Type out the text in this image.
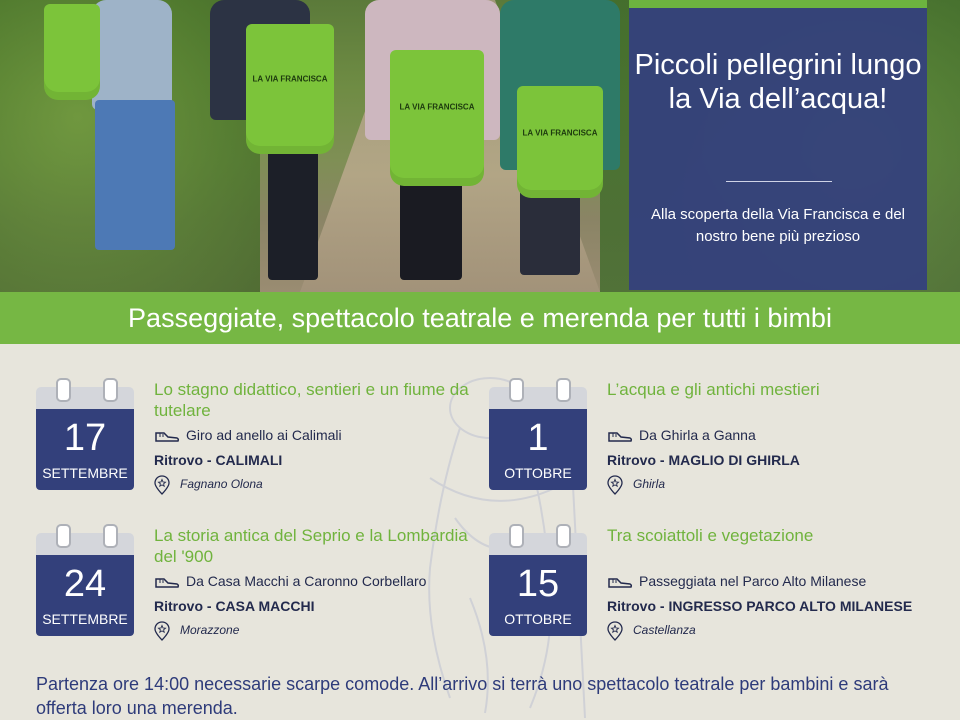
LA VIA FRANCISCA
LA VIA FRANCISCA
LA VIA FRANCISCA
Piccoli pellegrini lungo la Via dell’acqua!

Alla scoperta della Via Francisca e del nostro bene più prezioso

Passeggiate, spettacolo teatrale e merenda per tutti i bimbi
17
SETTEMBRE
Lo stagno didattico, sentieri e un fiume da tutelare
Giro ad anello ai Calimali
Ritrovo - CALIMALI
Fagnano Olona
1
OTTOBRE
L’acqua e gli antichi mestieri
Da Ghirla a Ganna
Ritrovo - MAGLIO DI GHIRLA
Ghirla
24
SETTEMBRE
La storia antica del Seprio e la Lombardia del '900
Da Casa Macchi a Caronno Corbellaro
Ritrovo - CASA MACCHI
Morazzone
15
OTTOBRE
Tra scoiattoli e vegetazione
Passeggiata nel Parco Alto Milanese
Ritrovo - INGRESSO PARCO ALTO MILANESE
Castellanza
Partenza ore 14:00 necessarie scarpe comode. All’arrivo si terrà uno spettacolo teatrale per bambini e sarà offerta loro una merenda.
